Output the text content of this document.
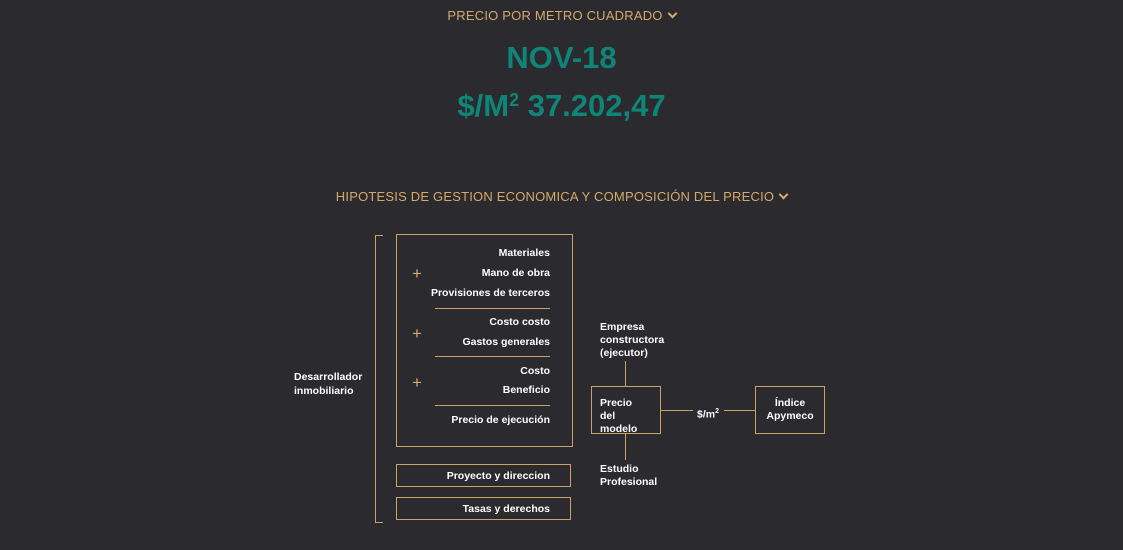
PRECIO POR METRO CUADRADO
NOV-18
$\$/M^2$ 37.202,47
HIPOTESIS DE GESTION ECONOMICA Y COMPOSICIÓN DEL PRECIO
Desarrollador
inmobiliario
Materiales
Mano de obra
Provisiones de terceros
Costo costo
Gastos generales
Costo
Beneficio
Precio de ejecución
+
+
+
Proyecto y direccion
Tasas y derechos
Empresa
constructora
(ejecutor)
Precio
del modelo
Estudio
Profesional
$\$/m^2$
Índice
Apymeco
